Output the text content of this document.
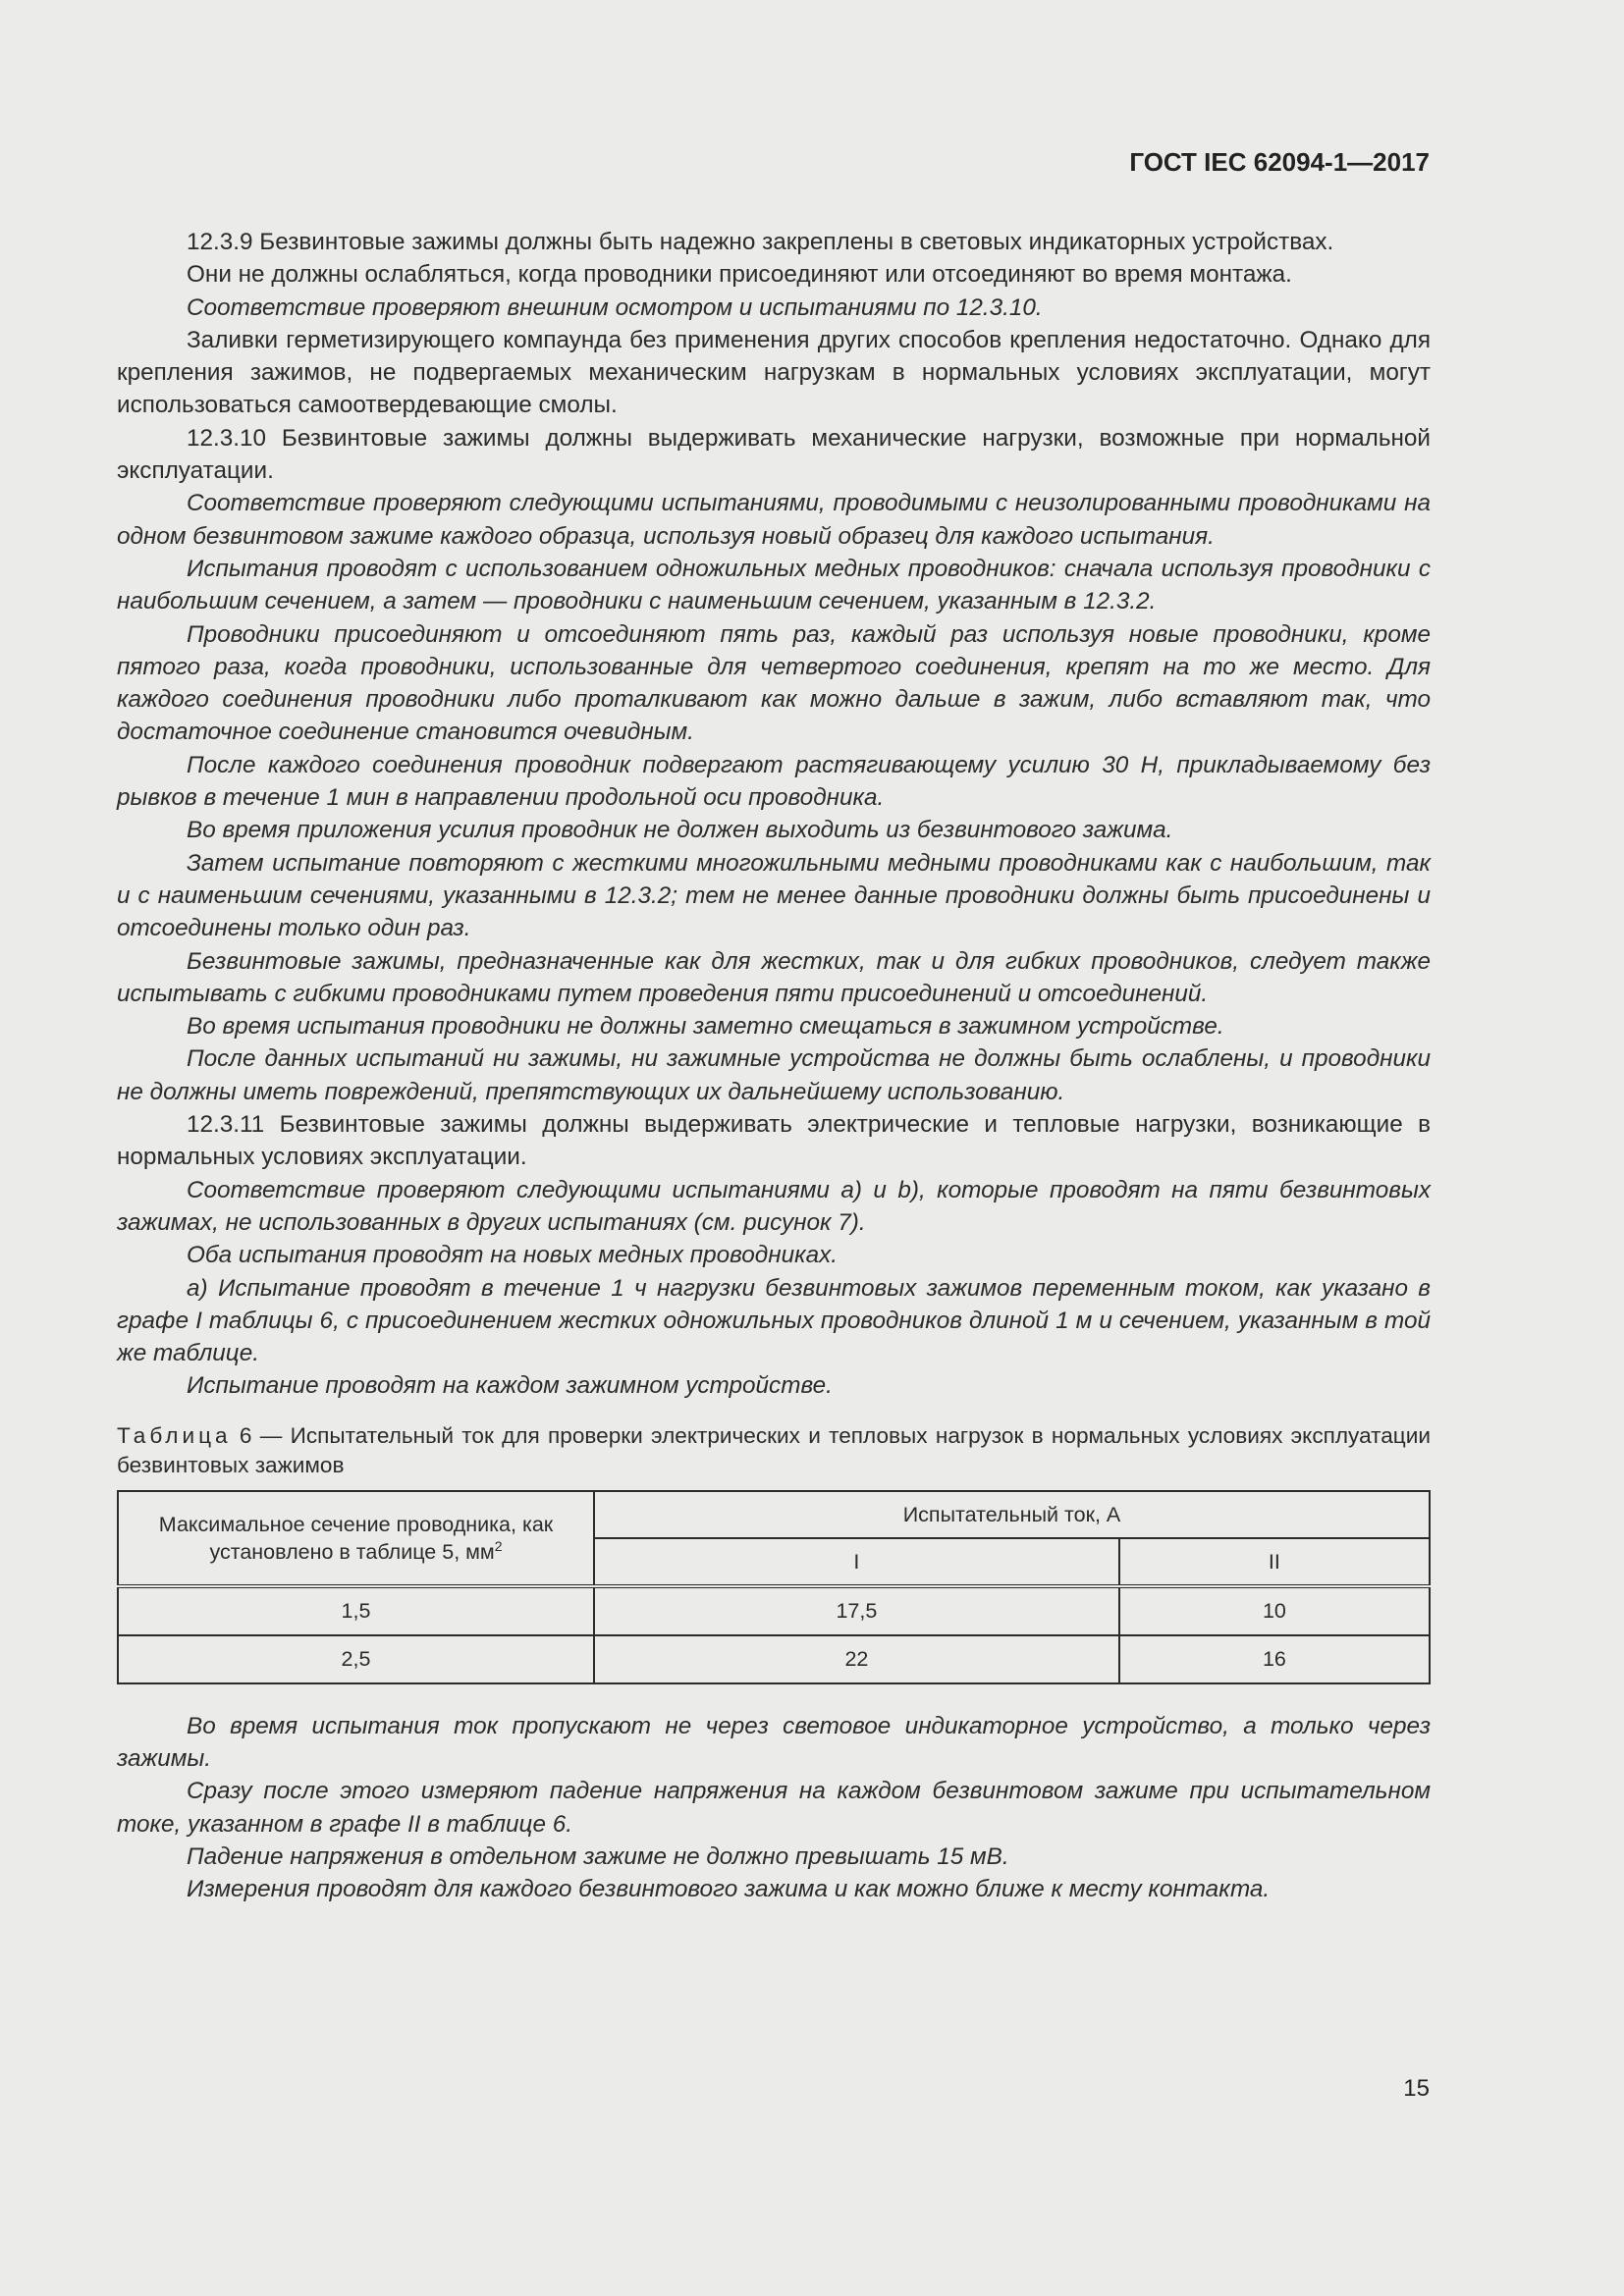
ГОСТ IEC 62094-1—2017

12.3.9 Безвинтовые зажимы должны быть надежно закреплены в световых индикаторных устройствах.

Они не должны ослабляться, когда проводники присоединяют или отсоединяют во время монтажа.

Соответствие проверяют внешним осмотром и испытаниями по 12.3.10.

Заливки герметизирующего компаунда без применения других способов крепления недостаточно. Однако для крепления зажимов, не подвергаемых механическим нагрузкам в нормальных условиях эксплуатации, могут использоваться самоотвердевающие смолы.

12.3.10 Безвинтовые зажимы должны выдерживать механические нагрузки, возможные при нормальной эксплуатации.

Соответствие проверяют следующими испытаниями, проводимыми с неизолированными проводниками на одном безвинтовом зажиме каждого образца, используя новый образец для каждого испытания.

Испытания проводят с использованием одножильных медных проводников: сначала используя проводники с наибольшим сечением, а затем — проводники с наименьшим сечением, указанным в 12.3.2.

Проводники присоединяют и отсоединяют пять раз, каждый раз используя новые проводники, кроме пятого раза, когда проводники, использованные для четвертого соединения, крепят на то же место. Для каждого соединения проводники либо проталкивают как можно дальше в зажим, либо вставляют так, что достаточное соединение становится очевидным.

После каждого соединения проводник подвергают растягивающему усилию 30 Н, прикладываемому без рывков в течение 1 мин в направлении продольной оси проводника.

Во время приложения усилия проводник не должен выходить из безвинтового зажима.

Затем испытание повторяют с жесткими многожильными медными проводниками как с наибольшим, так и с наименьшим сечениями, указанными в 12.3.2; тем не менее данные проводники должны быть присоединены и отсоединены только один раз.

Безвинтовые зажимы, предназначенные как для жестких, так и для гибких проводников, следует также испытывать с гибкими проводниками путем проведения пяти присоединений и отсоединений.

Во время испытания проводники не должны заметно смещаться в зажимном устройстве.

После данных испытаний ни зажимы, ни зажимные устройства не должны быть ослаблены, и проводники не должны иметь повреждений, препятствующих их дальнейшему использованию.

12.3.11 Безвинтовые зажимы должны выдерживать электрические и тепловые нагрузки, возникающие в нормальных условиях эксплуатации.

Соответствие проверяют следующими испытаниями a) и b), которые проводят на пяти безвинтовых зажимах, не использованных в других испытаниях (см. рисунок 7).

Оба испытания проводят на новых медных проводниках.

а) Испытание проводят в течение 1 ч нагрузки безвинтовых зажимов переменным током, как указано в графе I таблицы 6, с присоединением жестких одножильных проводников длиной 1 м и сечением, указанным в той же таблице.

Испытание проводят на каждом зажимном устройстве.

Таблица 6 — Испытательный ток для проверки электрических и тепловых нагрузок в нормальных условиях эксплуатации безвинтовых зажимов

Максимальное сечение проводника, как установлено в таблице 5, $мм^2$	Испытательный ток, А	
	I	II
1,5	17,5	10
2,5	22	16

Во время испытания ток пропускают не через световое индикаторное устройство, а только через зажимы.

Сразу после этого измеряют падение напряжения на каждом безвинтовом зажиме при испытательном токе, указанном в графе II в таблице 6.

Падение напряжения в отдельном зажиме не должно превышать 15 мВ.

Измерения проводят для каждого безвинтового зажима и как можно ближе к месту контакта.

15
